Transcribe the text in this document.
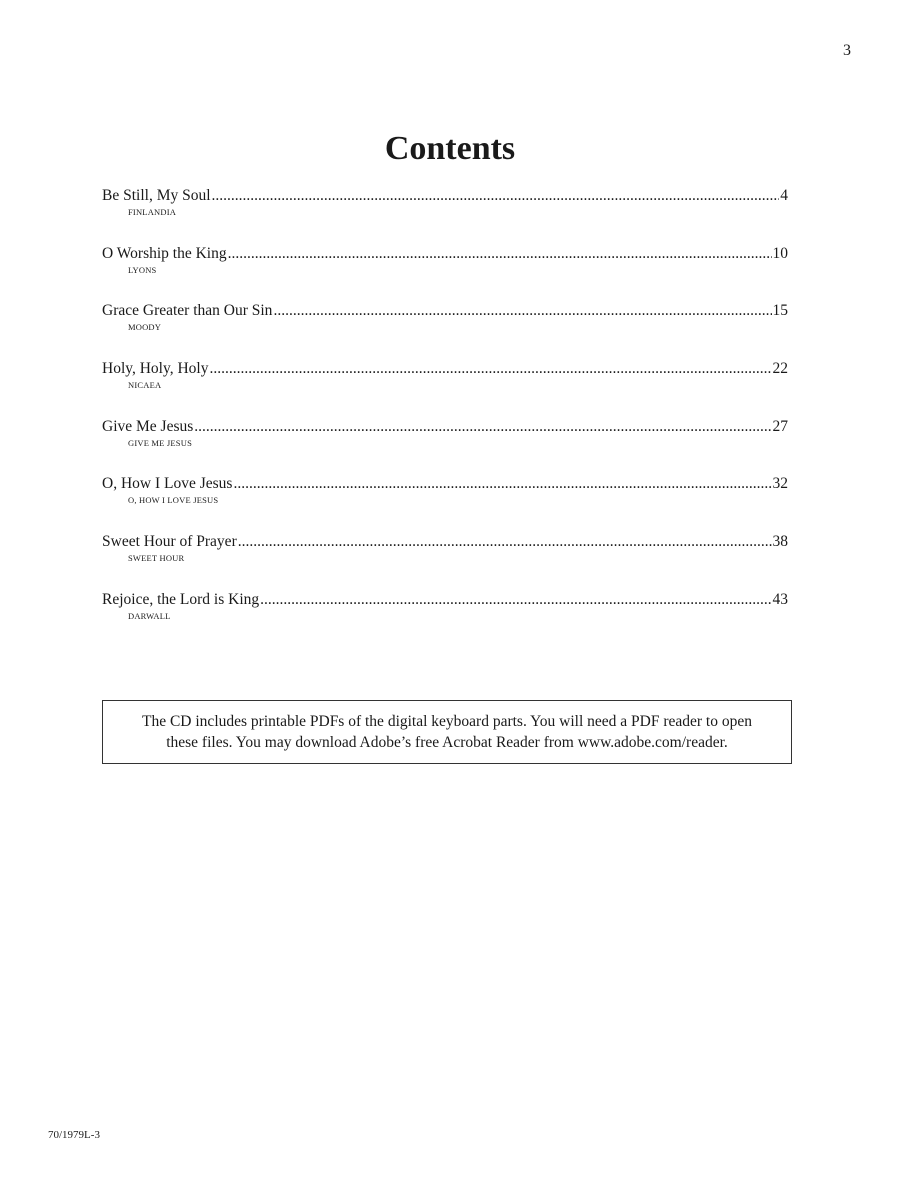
3
Contents
Be Still, My Soul .....	4
FINLANDIA
O Worship the King .....	10
LYONS
Grace Greater than Our Sin .....	15
MOODY
Holy, Holy, Holy .....	22
NICAEA
Give Me Jesus .....	27
GIVE ME JESUS
O, How I Love Jesus .....	32
O, HOW I LOVE JESUS
Sweet Hour of Prayer .....	38
SWEET HOUR
Rejoice, the Lord is King .....	43
DARWALL
The CD includes printable PDFs of the digital keyboard parts. You will need a PDF reader to open
these files. You may download Adobe’s free Acrobat Reader from www.adobe.com/reader.
70/1979L-3
